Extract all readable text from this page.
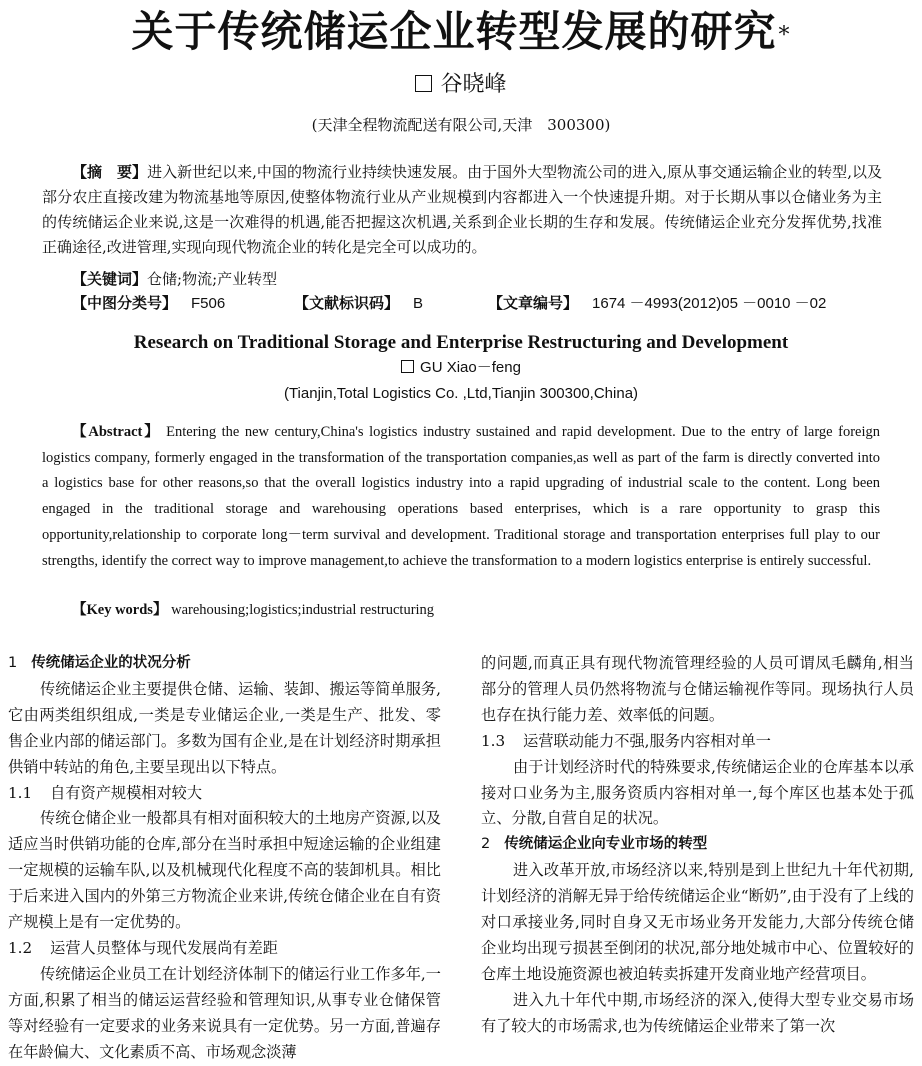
关于传统储运企业转型发展的研究*
谷晓峰
(天津全程物流配送有限公司,天津　300300)
【摘　要】进入新世纪以来,中国的物流行业持续快速发展。由于国外大型物流公司的进入,原从事交通运输企业的转型,以及部分农庄直接改建为物流基地等原因,使整体物流行业从产业规模到内容都进入一个快速提升期。对于长期从事以仓储业务为主的传统储运企业来说,这是一次难得的机遇,能否把握这次机遇,关系到企业长期的生存和发展。传统储运企业充分发挥优势,找准正确途径,改进管理,实现向现代物流企业的转化是完全可以成功的。
【关键词】仓储;物流;产业转型
【中图分类号】 F506	【文献标识码】 B	【文章编号】 1674 －4993(2012)05 －0010 －02
Research on Traditional Storage and Enterprise Restructuring and Development
GU Xiao－feng
(Tianjin,Total Logistics Co. ,Ltd,Tianjin 300300,China)
【Abstract】 Entering the new century,China's logistics industry sustained and rapid development. Due to the entry of large foreign logistics company, formerly engaged in the transformation of the transportation companies,as well as part of the farm is directly converted into a logistics base for other reasons,so that the overall logistics industry into a rapid upgrading of industrial scale to the content. Long been engaged in the traditional storage and warehousing operations based enterprises, which is a rare opportunity to grasp this opportunity,relationship to corporate long－term survival and development. Traditional storage and transportation enterprises full play to our strengths, identify the correct way to improve management,to achieve the transformation to a modern logistics enterprise is entirely successful.
【Key words】 warehousing;logistics;industrial restructuring

1 传统储运企业的状况分析

传统储运企业主要提供仓储、运输、装卸、搬运等简单服务,它由两类组织组成,一类是专业储运企业,一类是生产、批发、零售企业内部的储运部门。多数为国有企业,是在计划经济时期承担供销中转站的角色,主要呈现出以下特点。

1.1 自有资产规模相对较大

传统仓储企业一般都具有相对面积较大的土地房产资源,以及适应当时供销功能的仓库,部分在当时承担中短途运输的企业组建一定规模的运输车队,以及机械现代化程度不高的装卸机具。相比于后来进入国内的外第三方物流企业来讲,传统仓储企业在自有资产规模上是有一定优势的。

1.2 运营人员整体与现代发展尚有差距

传统储运企业员工在计划经济体制下的储运行业工作多年,一方面,积累了相当的储运运营经验和管理知识,从事专业仓储保管等对经验有一定要求的业务来说具有一定优势。另一方面,普遍存在年龄偏大、文化素质不高、市场观念淡薄

的问题,而真正具有现代物流管理经验的人员可谓凤毛麟角,相当部分的管理人员仍然将物流与仓储运输视作等同。现场执行人员也存在执行能力差、效率低的问题。

1.3 运营联动能力不强,服务内容相对单一

由于计划经济时代的特殊要求,传统储运企业的仓库基本以承接对口业务为主,服务资质内容相对单一,每个库区也基本处于孤立、分散,自营自足的状况。

2 传统储运企业向专业市场的转型

进入改革开放,市场经济以来,特别是到上世纪九十年代初期,计划经济的消解无异于给传统储运企业“断奶”,由于没有了上线的对口承接业务,同时自身又无市场业务开发能力,大部分传统仓储企业均出现亏损甚至倒闭的状况,部分地处城市中心、位置较好的仓库土地设施资源也被迫转卖拆建开发商业地产经营项目。

进入九十年代中期,市场经济的深入,使得大型专业交易市场有了较大的市场需求,也为传统储运企业带来了第一次
